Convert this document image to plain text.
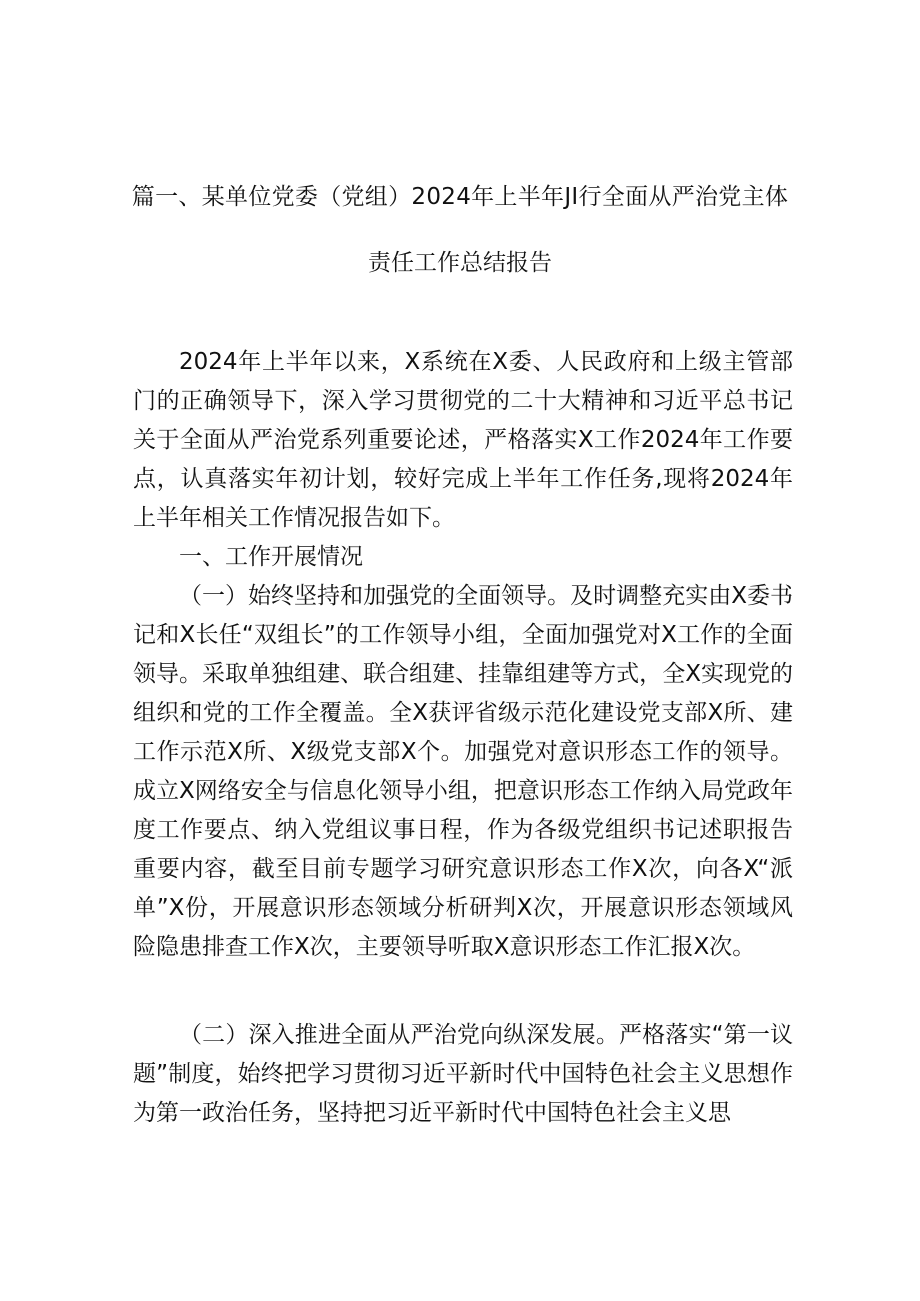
篇一、某单位党委（党组）2024年上半年JI行全面从严治党主体
责任工作总结报告

2024年上半年以来，X系统在X委、人民政府和上级主管部门的正确领导下，深入学习贯彻党的二十大精神和习近平总书记关于全面从严治党系列重要论述，严格落实X工作2024年工作要点，认真落实年初计划，较好完成上半年工作任务,现将2024年上半年相关工作情况报告如下。

一、工作开展情况

（一）始终坚持和加强党的全面领导。及时调整充实由X委书记和X长任“双组长”的工作领导小组，全面加强党对X工作的全面领导。采取单独组建、联合组建、挂靠组建等方式，全X实现党的组织和党的工作全覆盖。全X获评省级示范化建设党支部X所、建工作示范X所、X级党支部X个。加强党对意识形态工作的领导。成立X网络安全与信息化领导小组，把意识形态工作纳入局党政年度工作要点、纳入党组议事日程，作为各级党组织书记述职报告重要内容，截至目前专题学习研究意识形态工作X次，向各X“派单”X份，开展意识形态领域分析研判X次，开展意识形态领域风险隐患排查工作X次，主要领导听取X意识形态工作汇报X次。

（二）深入推进全面从严治党向纵深发展。严格落实“第一议题”制度，始终把学习贯彻习近平新时代中国特色社会主义思想作为第一政治任务，坚持把习近平新时代中国特色社会主义思
